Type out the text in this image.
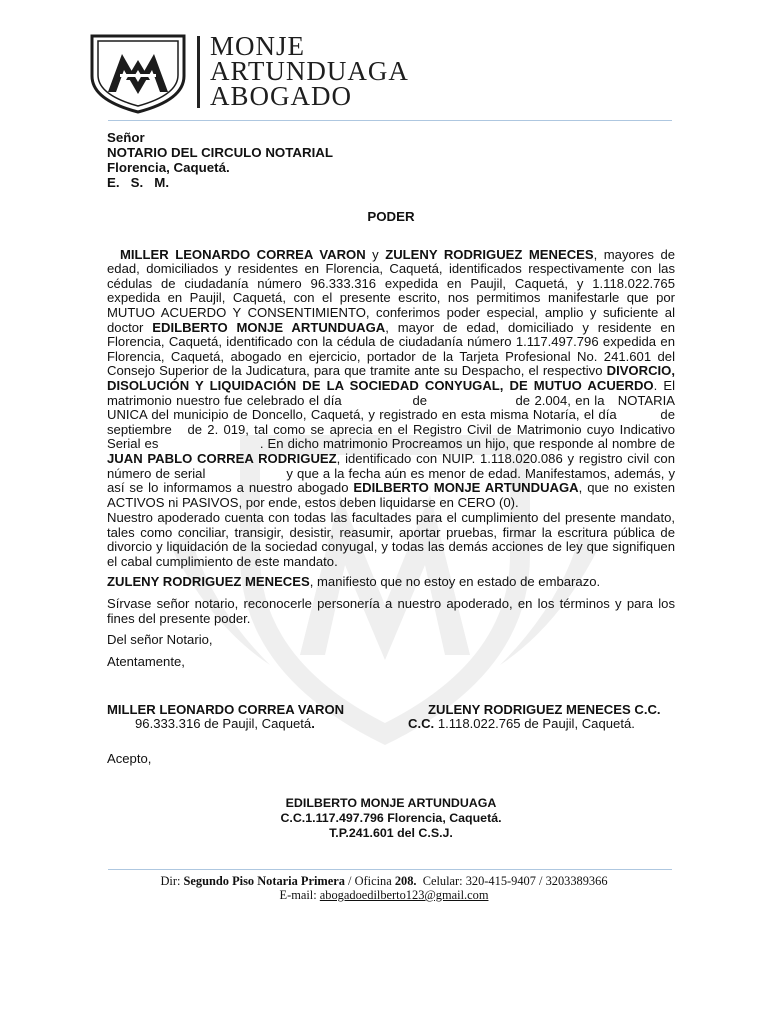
MONJE
ARTUNDUAGA
ABOGADO
Señor
NOTARIO DEL CIRCULO NOTARIAL
Florencia, Caquetá.
E.   S.   M.
PODER

MILLER LEONARDO CORREA VARON y ZULENY RODRIGUEZ MENECES, mayores de edad, domiciliados y residentes en Florencia, Caquetá, identificados respectivamente con las cédulas de ciudadanía número 96.333.316 expedida en Paujil, Caquetá, y 1.118.022.765 expedida en Paujil, Caquetá, con el presente escrito, nos permitimos manifestarle que por MUTUO ACUERDO Y CONSENTIMIENTO, conferimos poder especial, amplio y suficiente al doctor EDILBERTO MONJE ARTUNDUAGA, mayor de edad, domiciliado y residente en Florencia, Caquetá, identificado con la cédula de ciudadanía número 1.117.497.796 expedida en Florencia, Caquetá, abogado en ejercicio, portador de la Tarjeta Profesional No. 241.601 del Consejo Superior de la Judicatura, para que tramite ante su Despacho, el respectivo DIVORCIO, DISOLUCIÓN Y LIQUIDACIÓN DE LA SOCIEDAD CONYUGAL, DE MUTUO ACUERDO. El matrimonio nuestro fue celebrado el día                de                    de 2.004, en la   NOTARIA UNICA del municipio de Doncello, Caquetá, y registrado en esta misma Notaría, el día          de septiembre   de 2. 019, tal como se aprecia en el Registro Civil de Matrimonio cuyo Indicativo Serial es                         . En dicho matrimonio Procreamos un hijo, que responde al nombre de JUAN PABLO CORREA RODRIGUEZ, identificado con NUIP. 1.118.020.086 y registro civil con número de serial                    y que a la fecha aún es menor de edad. Manifestamos, además, y así se lo informamos a nuestro abogado EDILBERTO MONJE ARTUNDUAGA, que no existen ACTIVOS ni PASIVOS, por ende, estos deben liquidarse en CERO (0).

Nuestro apoderado cuenta con todas las facultades para el cumplimiento del presente mandato, tales como conciliar, transigir, desistir, reasumir, aportar pruebas, firmar la escritura pública de divorcio y liquidación de la sociedad conyugal, y todas las demás acciones de ley que signifiquen el cabal cumplimiento de este mandato.
ZULENY RODRIGUEZ MENECES, manifiesto que no estoy en estado de embarazo.
Sírvase señor notario, reconocerle personería a nuestro apoderado, en los términos y para los fines del presente poder.
Del señor Notario,
Atentamente,
MILLER LEONARDO CORREA VARON
96.333.316 de Paujil, Caquetá.
ZULENY RODRIGUEZ MENECES C.C.
C.C. 1.118.022.765 de Paujil, Caquetá.
Acepto,
EDILBERTO MONJE ARTUNDUAGA
C.C.1.117.497.796 Florencia, Caquetá.
T.P.241.601 del C.S.J.
Dir: Segundo Piso Notaria Primera / Oficina 208.  Celular: 320-415-9407 / 3203389366
E-mail: abogadoedilberto123@gmail.com
